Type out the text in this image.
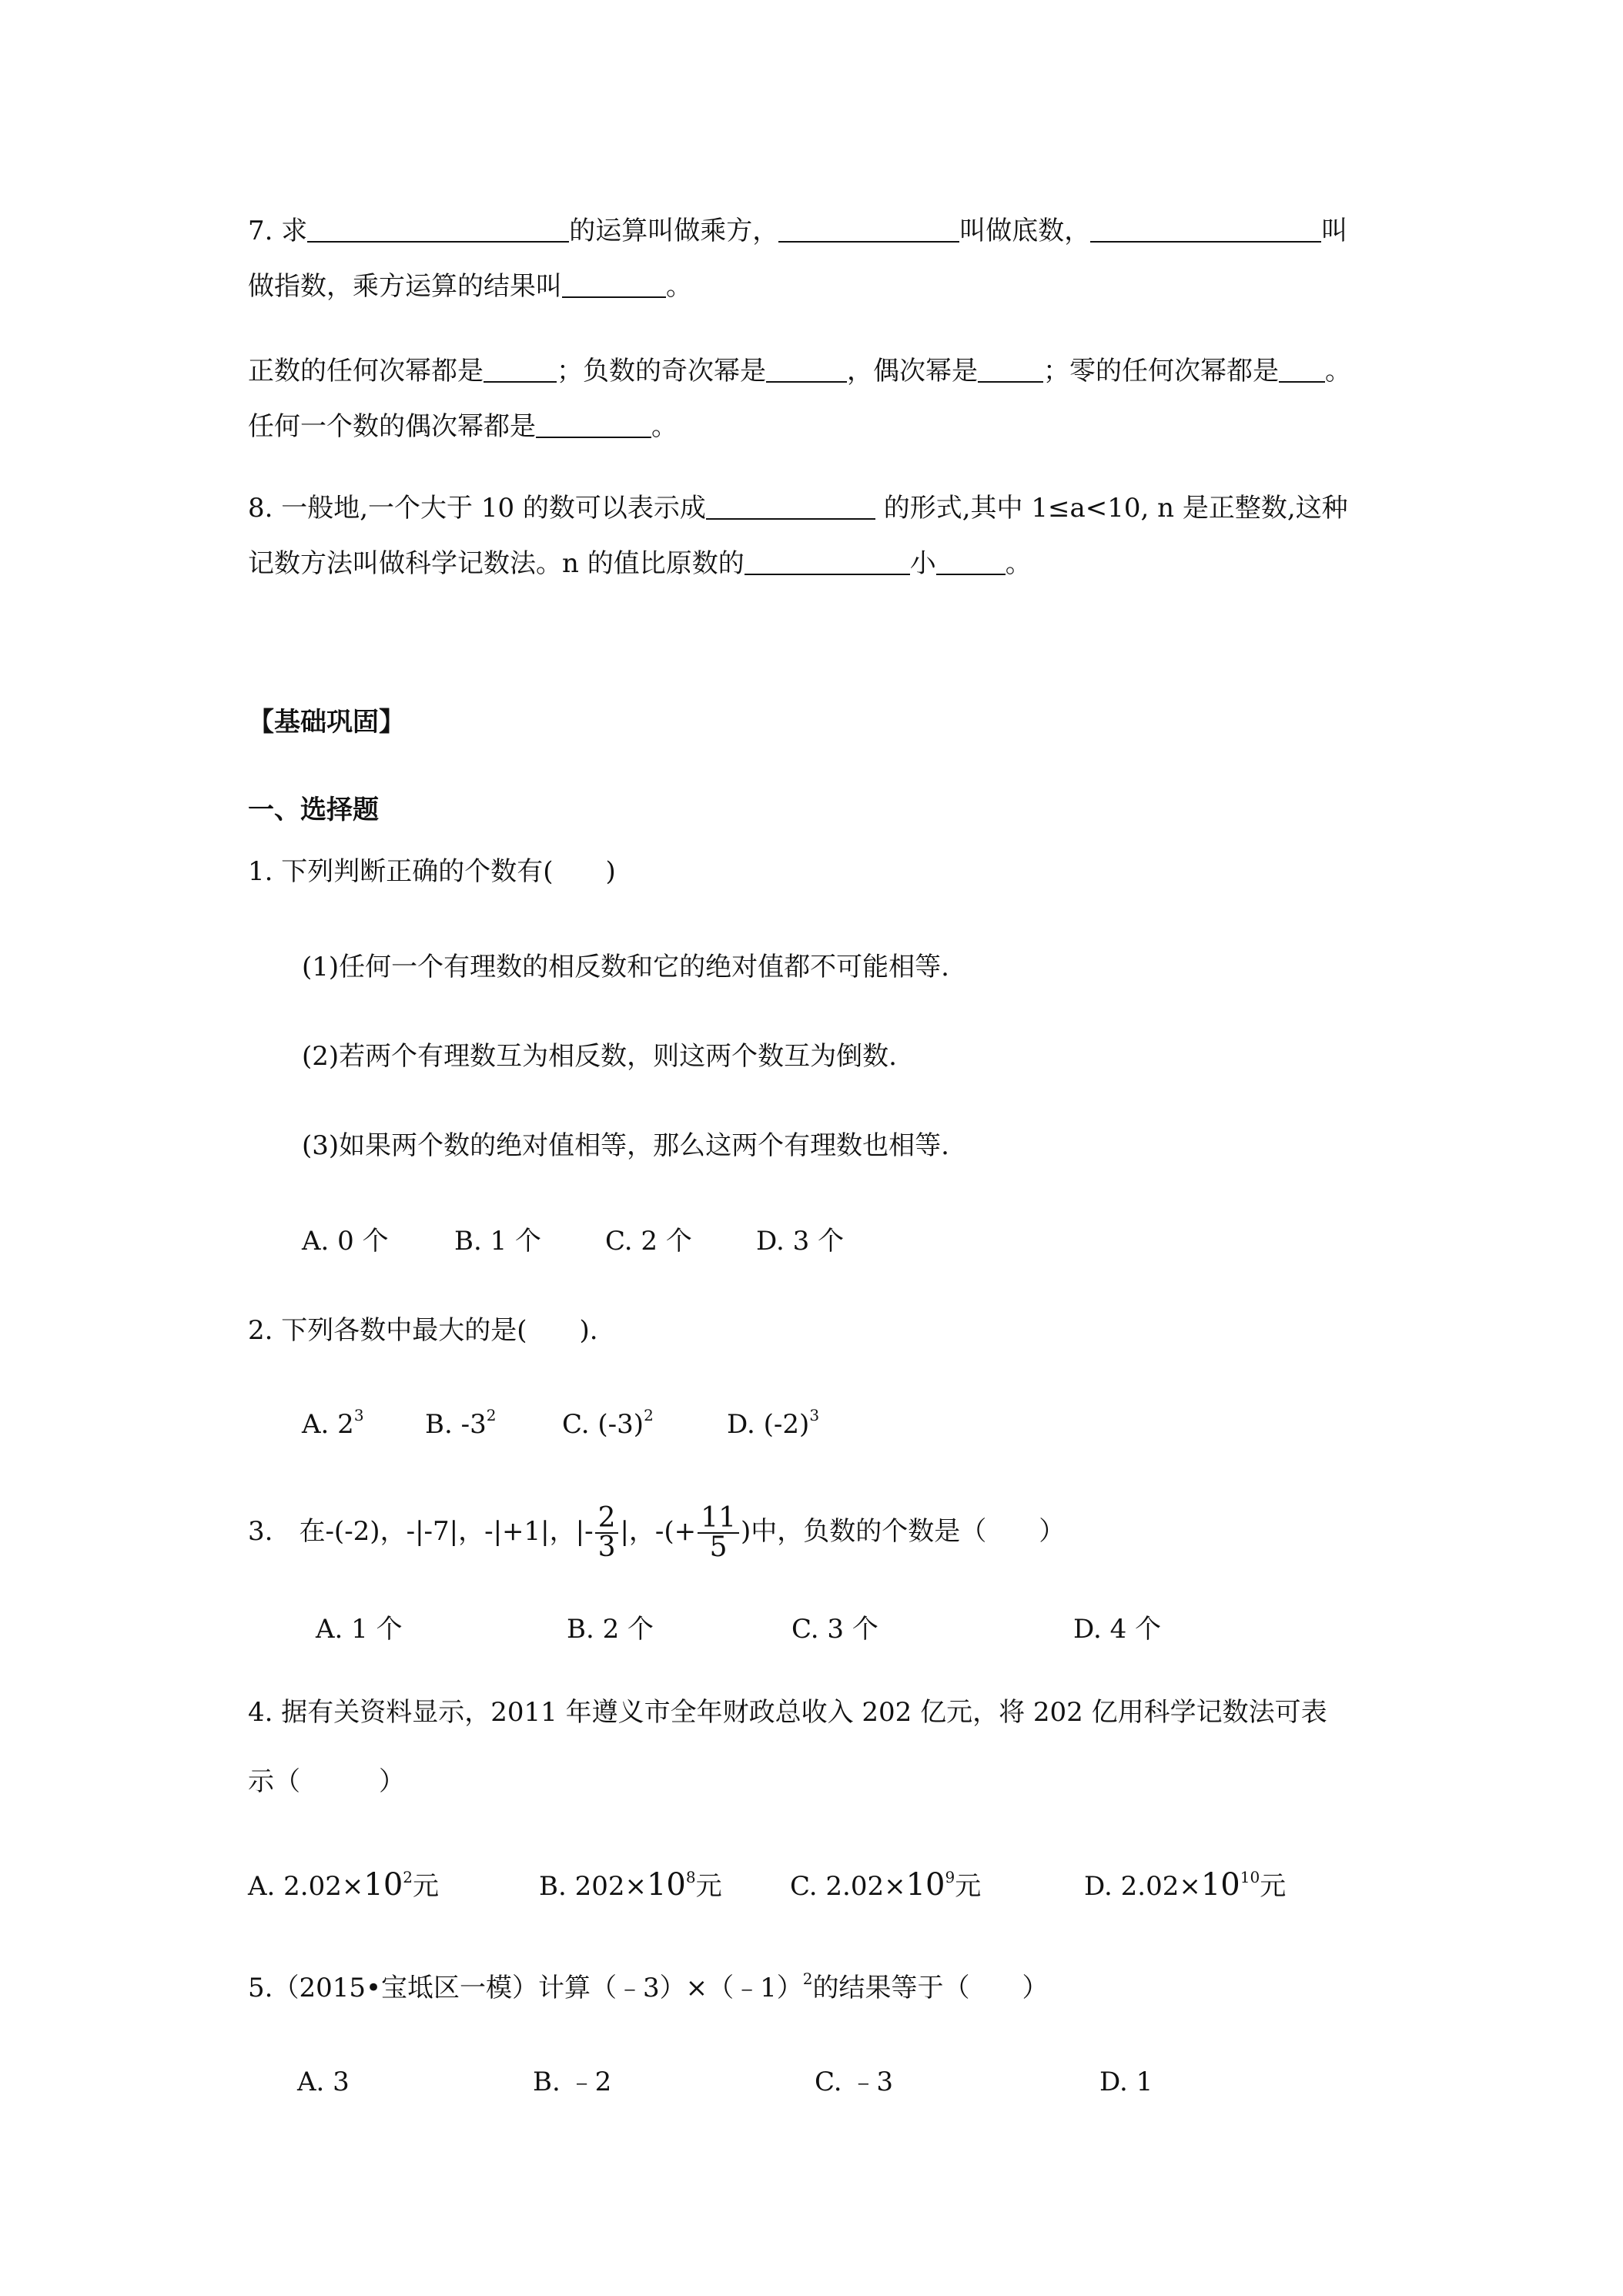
7. 求	的运算叫做乘方，	叫做底数，	叫
做指数，乘方运算的结果叫	。
正数的任何次幂都是	；负数的奇次幂是	，偶次幂是	；零的任何次幂都是 。
任何一个数的偶次幂都是	。
8. 一般地,一个大于 10 的数可以表示成	的形式,其中 1≤a<10, n 是正整数,这种
记数方法叫做科学记数法。n 的值比原数的	小	。
【基础巩固】
一、选择题
1. 下列判断正确的个数有(　　)
(1)任何一个有理数的相反数和它的绝对值都不可能相等.
(2)若两个有理数互为相反数，则这两个数互为倒数.
(3)如果两个数的绝对值相等，那么这两个有理数也相等.
A. 0 个	B. 1 个 C. 2 个 D. 3 个
2. 下列各数中最大的是(　　).
A. $2^3$ B. $-3^2$	C. $(-3)^2$	D. $(-2)^3$
3.　在-(-2)，-|-7|，-|+1|，|- $\frac{2}{3}$ |，-(+ $\frac{11}{5}$ )中，负数的个数是（　　）
A. 1 个	B. 2 个	C. 3 个	D. 4 个
4. 据有关资料显示，2011 年遵义市全年财政总收入 202 亿元，将 202 亿用科学记数法可表
示（　　　）
A. $2.02\times 10^2$元	B. $202\times 10^8$元	C. $2.02\times 10^9$元	D. $2.02\times 10^{10}$元
5.（2015•宝坻区一模）计算（﹣3）×（﹣1）$^2$的结果等于（　　）
A. 3	B. ﹣2	C. ﹣3	D. 1
